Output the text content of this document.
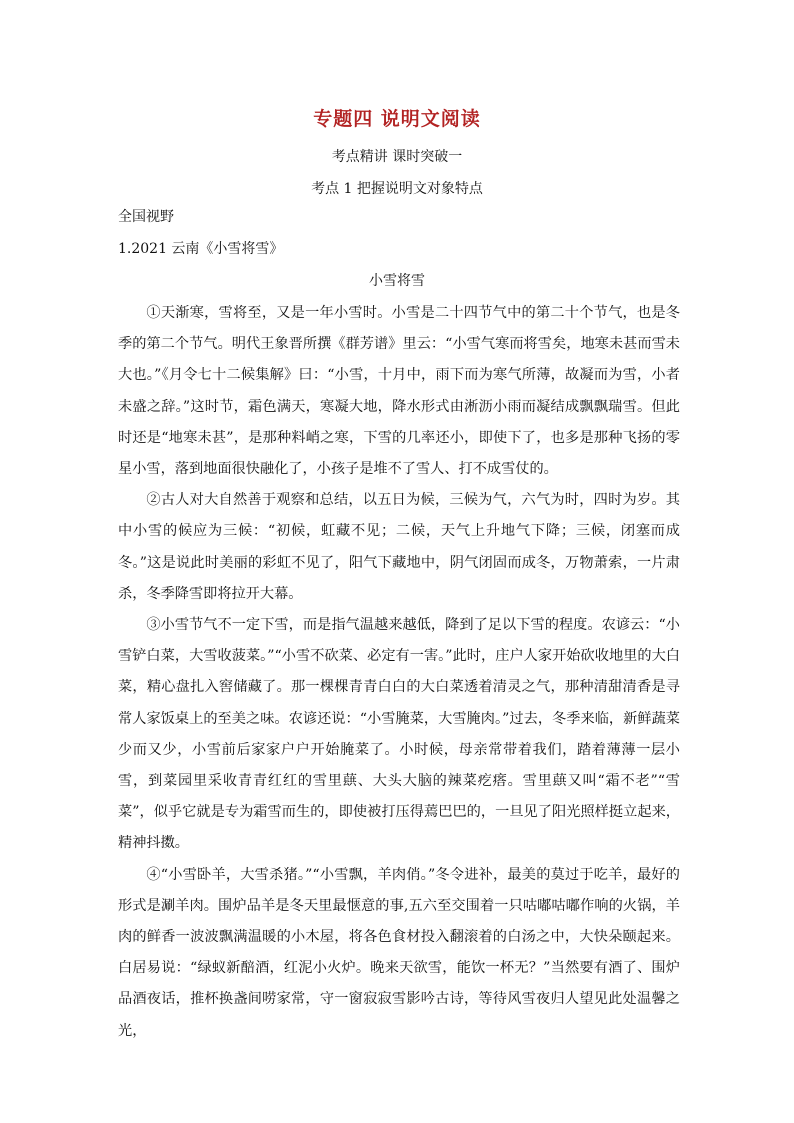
专题四 说明文阅读
考点精讲 课时突破一
考点 1 把握说明文对象特点
全国视野
1.2021 云南《小雪将雪》
小雪将雪

①天渐寒，雪将至，又是一年小雪时。小雪是二十四节气中的第二十个节气，也是冬季的第二个节气。明代王象晋所撰《群芳谱》里云：“小雪气寒而将雪矣，地寒未甚而雪未大也。”《月令七十二候集解》曰：“小雪，十月中，雨下而为寒气所薄，故凝而为雪，小者未盛之辞。”这时节，霜色满天，寒凝大地，降水形式由淅沥小雨而凝结成飘飘瑞雪。但此时还是“地寒未甚”，是那种料峭之寒，下雪的几率还小，即使下了，也多是那种飞扬的零星小雪，落到地面很快融化了，小孩子是堆不了雪人、打不成雪仗的。

②古人对大自然善于观察和总结，以五日为候，三候为气，六气为时，四时为岁。其中小雪的候应为三候：“初候，虹藏不见；二候，天气上升地气下降；三候，闭塞而成冬。”这是说此时美丽的彩虹不见了，阳气下藏地中，阴气闭固而成冬，万物萧索，一片肃杀，冬季降雪即将拉开大幕。

③小雪节气不一定下雪，而是指气温越来越低，降到了足以下雪的程度。农谚云：“小雪铲白菜，大雪收菠菜。”“小雪不砍菜、必定有一害。”此时，庄户人家开始砍收地里的大白菜，精心盘扎入窖储藏了。那一棵棵青青白白的大白菜透着清灵之气，那种清甜清香是寻常人家饭桌上的至美之味。农谚还说：“小雪腌菜，大雪腌肉。”过去，冬季来临，新鲜蔬菜少而又少，小雪前后家家户户开始腌菜了。小时候，母亲常带着我们，踏着薄薄一层小雪，到菜园里采收青青红红的雪里蕻、大头大脑的辣菜疙瘩。雪里蕻又叫“霜不老”“雪菜”，似乎它就是专为霜雪而生的，即使被打压得蔫巴巴的，一旦见了阳光照样挺立起来，精神抖擞。

④“小雪卧羊，大雪杀猪。”“小雪飘，羊肉俏。”冬令进补，最美的莫过于吃羊，最好的形式是涮羊肉。围炉品羊是冬天里最惬意的事,五六至交围着一只咕嘟咕嘟作响的火锅，羊肉的鲜香一波波飘满温暖的小木屋，将各色食材投入翻滚着的白汤之中，大快朵颐起来。白居易说：“绿蚁新醅酒，红泥小火炉。晚来天欲雪，能饮一杯无？”当然要有酒了、围炉品酒夜话，推杯换盏间唠家常，守一窗寂寂雪影吟古诗，等待风雪夜归人望见此处温馨之光，
